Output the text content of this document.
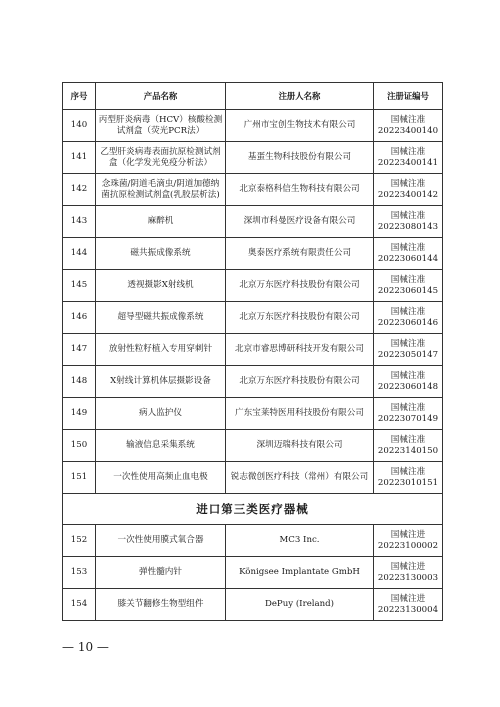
序号	产品名称	注册人名称	注册证编号
140	丙型肝炎病毒（HCV）核酸检测试剂盒（荧光PCR法）	广州市宝创生物技术有限公司	国械注准
20223400140
141	乙型肝炎病毒表面抗原检测试剂盒（化学发光免疫分析法）	基蛋生物科技股份有限公司	国械注准
20223400141
142	念珠菌/阴道毛滴虫/阴道加德纳菌抗原检测试剂盒(乳胶层析法)	北京泰格科信生物科技有限公司	国械注准
20223400142
143	麻醉机	深圳市科曼医疗设备有限公司	国械注准
20223080143
144	磁共振成像系统	奥泰医疗系统有限责任公司	国械注准
20223060144
145	透视摄影X射线机	北京万东医疗科技股份有限公司	国械注准
20223060145
146	超导型磁共振成像系统	北京万东医疗科技股份有限公司	国械注准
20223060146
147	放射性粒籽植入专用穿刺针	北京市睿思博研科技开发有限公司	国械注准
20223050147
148	X射线计算机体层摄影设备	北京万东医疗科技股份有限公司	国械注准
20223060148
149	病人监护仪	广东宝莱特医用科技股份有限公司	国械注准
20223070149
150	输液信息采集系统	深圳迈瑞科技有限公司	国械注准
20223140150
151	一次性使用高频止血电极	锐志微创医疗科技（常州）有限公司	国械注准
20223010151
进口第三类医疗器械			
152	一次性使用膜式氧合器	MC3 Inc.	国械注进
20223100002
153	弹性髓内针	Königsee Implantate GmbH	国械注进
20223130003
154	膝关节翻修生物型组件	DePuy (Ireland)	国械注进
20223130004
— 10 —
